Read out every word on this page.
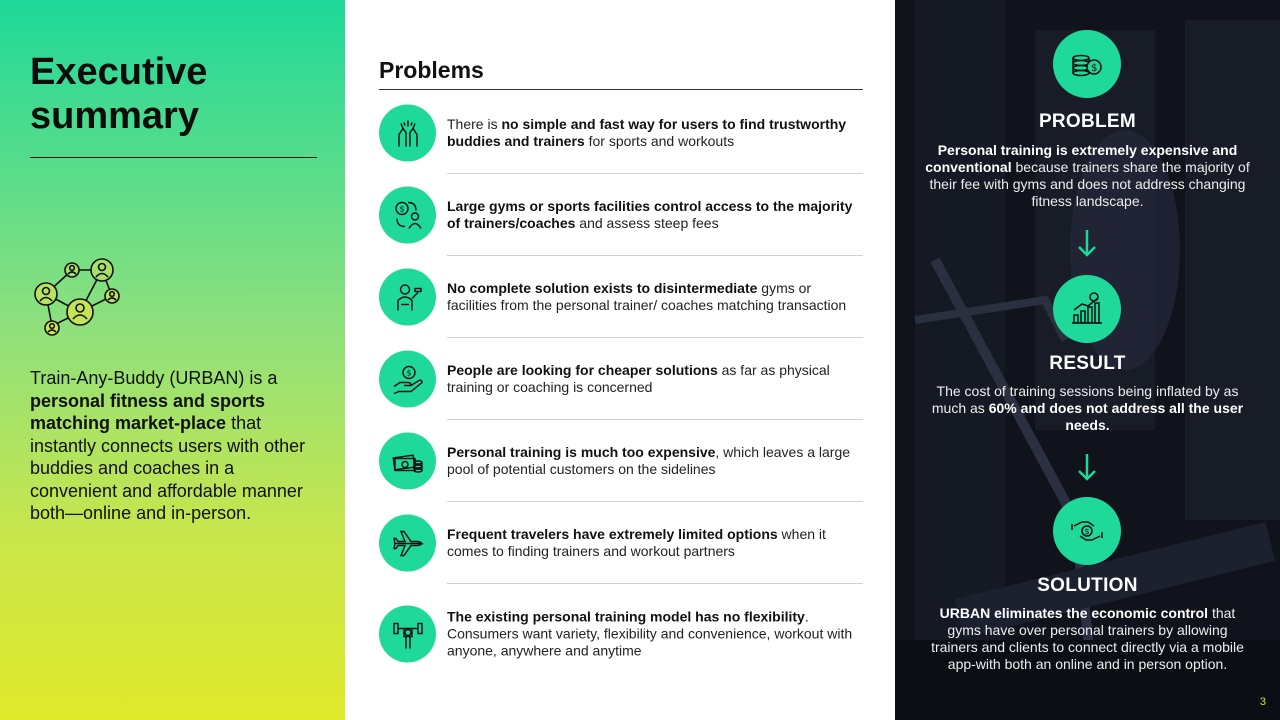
Executive summary

Train-Any-Buddy (URBAN) is a personal fitness and sports matching market-place that instantly connects users with other buddies and coaches in a convenient and affordable manner both—online and in-person.

Problems

There is no simple and fast way for users to find trustworthy buddies and trainers for sports and workouts

$	Large gyms or sports facilities control access to the majority of trainers/coaches and assess steep fees

No complete solution exists to disintermediate gyms or facilities from the personal trainer/ coaches matching transaction

$	People are looking for cheaper solutions as far as physical training or coaching is concerned

Personal training is much too expensive, which leaves a large pool of potential customers on the sidelines

Frequent travelers have extremely limited options when it comes to finding trainers and workout partners

The existing personal training model has no flexibility. Consumers want variety, flexibility and convenience, workout with anyone, anywhere and anytime

$
PROBLEM

Personal training is extremely expensive and conventional because trainers share the majority of their fee with gyms and does not address changing fitness landscape.

RESULT

The cost of training sessions being inflated by as much as 60% and does not address all the user needs.

$
SOLUTION

URBAN eliminates the economic control that gyms have over personal trainers by allowing trainers and clients to connect directly via a mobile app-with both an online and in person option.

3
